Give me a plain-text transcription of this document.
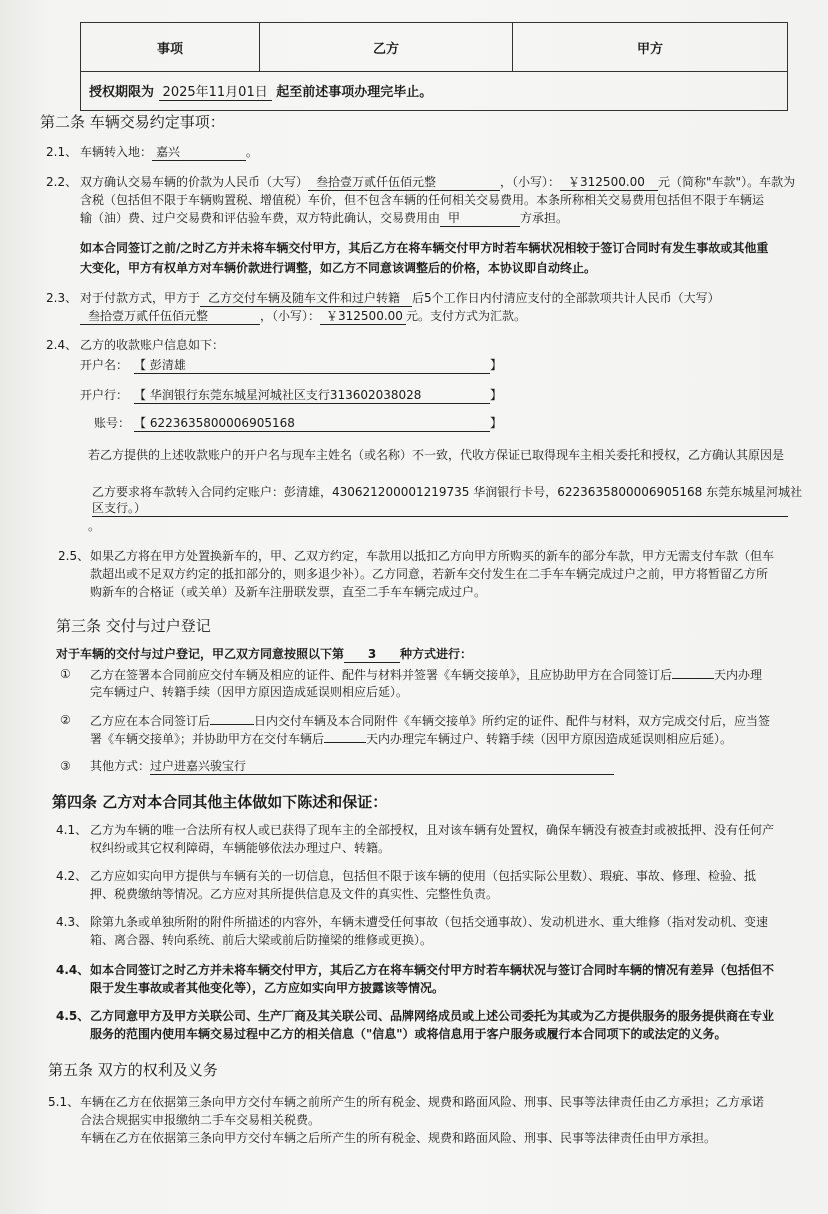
事项	乙方	甲方
授权期限为 2025年11月01日 起至前述事项办理完毕止。
第二条 车辆交易约定事项：
2.1、 车辆转入地： 嘉兴	。
2.2、 双方确认交易车辆的价款为人民币（大写） 叁拾壹万贰仟伍佰元整	，（小写）： ￥312500.00 元（简称"车款"）。车款为
含税（包括但不限于车辆购置税、增值税）车价，但不包含车辆的任何相关交易费用。本条所称相关交易费用包括但不限于车辆运
输（油）费、过户交易费和评估验车费，双方特此确认，交易费用由 甲	方承担。
如本合同签订之前/之时乙方并未将车辆交付甲方，其后乙方在将车辆交付甲方时若车辆状况相较于签订合同时有发生事故或其他重
大变化，甲方有权单方对车辆价款进行调整，如乙方不同意该调整后的价格，本协议即自动终止。
2.3、 对于付款方式，甲方于 乙方交付车辆及随车文件和过户转籍 后5个工作日内付清应支付的全部款项共计人民币（大写）
叁拾壹万贰仟伍佰元整	，（小写）： ￥312500.00 元。支付方式为汇款。
2.4、 乙方的收款账户信息如下：
开户名： 【 彭清雄	】
开户行： 【 华润银行东莞东城星河城社区支行313602038028	】
账号： 【 6223635800006905168	】
若乙方提供的上述收款账户的开户名与现车主姓名（或名称）不一致，代收方保证已取得现车主相关委托和授权，乙方确认其原因是
乙方要求将车款转入合同约定账户：彭清雄，430621200001219735 华润银行卡号，6223635800006905168 东莞东城星河城社
区支行。）
。
2.5、 如果乙方将在甲方处置换新车的，甲、乙双方约定，车款用以抵扣乙方向甲方所购买的新车的部分车款，甲方无需支付车款（但车
款超出或不足双方约定的抵扣部分的，则多退少补）。乙方同意，若新车交付发生在二手车车辆完成过户之前，甲方将暂留乙方所
购新车的合格证（或关单）及新车注册联发票，直至二手车车辆完成过户。
第三条 交付与过户登记
对于车辆的交付与过户登记，甲乙双方同意按照以下第 3 种方式进行：
① 乙方在签署本合同前应交付车辆及相应的证件、配件与材料并签署《车辆交接单》，且应协助甲方在合同签订后	天内办理
完车辆过户、转籍手续（因甲方原因造成延误则相应后延）。
② 乙方应在本合同签订后	日内交付车辆及本合同附件《车辆交接单》所约定的证件、配件与材料，双方完成交付后，应当签
署《车辆交接单》；并协助甲方在交付车辆后	天内办理完车辆过户、转籍手续（因甲方原因造成延误则相应后延）。
③ 其他方式： 过户进嘉兴骏宝行
第四条 乙方对本合同其他主体做如下陈述和保证：
4.1、 乙方为车辆的唯一合法所有权人或已获得了现车主的全部授权，且对该车辆有处置权，确保车辆没有被查封或被抵押、没有任何产
权纠纷或其它权利障碍，车辆能够依法办理过户、转籍。
4.2、 乙方应如实向甲方提供与车辆有关的一切信息，包括但不限于该车辆的使用（包括实际公里数）、瑕疵、事故、修理、检验、抵
押、税费缴纳等情况。乙方应对其所提供信息及文件的真实性、完整性负责。
4.3、 除第九条或单独所附的附件所描述的内容外，车辆未遭受任何事故（包括交通事故）、发动机进水、重大维修（指对发动机、变速
箱、离合器、转向系统、前后大梁或前后防撞梁的维修或更换）。
4.4、 如本合同签订之时乙方并未将车辆交付甲方，其后乙方在将车辆交付甲方时若车辆状况与签订合同时车辆的情况有差异（包括但不
限于发生事故或者其他变化等），乙方应如实向甲方披露该等情况。
4.5、 乙方同意甲方及甲方关联公司、生产厂商及其关联公司、品牌网络成员或上述公司委托为其或为乙方提供服务的服务提供商在专业
服务的范围内使用车辆交易过程中乙方的相关信息（"信息"）或将信息用于客户服务或履行本合同项下的或法定的义务。
第五条 双方的权利及义务
5.1、 车辆在乙方在依据第三条向甲方交付车辆之前所产生的所有税金、规费和路面风险、刑事、民事等法律责任由乙方承担；乙方承诺
合法合规据实申报缴纳二手车交易相关税费。
车辆在乙方在依据第三条向甲方交付车辆之后所产生的所有税金、规费和路面风险、刑事、民事等法律责任由甲方承担。
